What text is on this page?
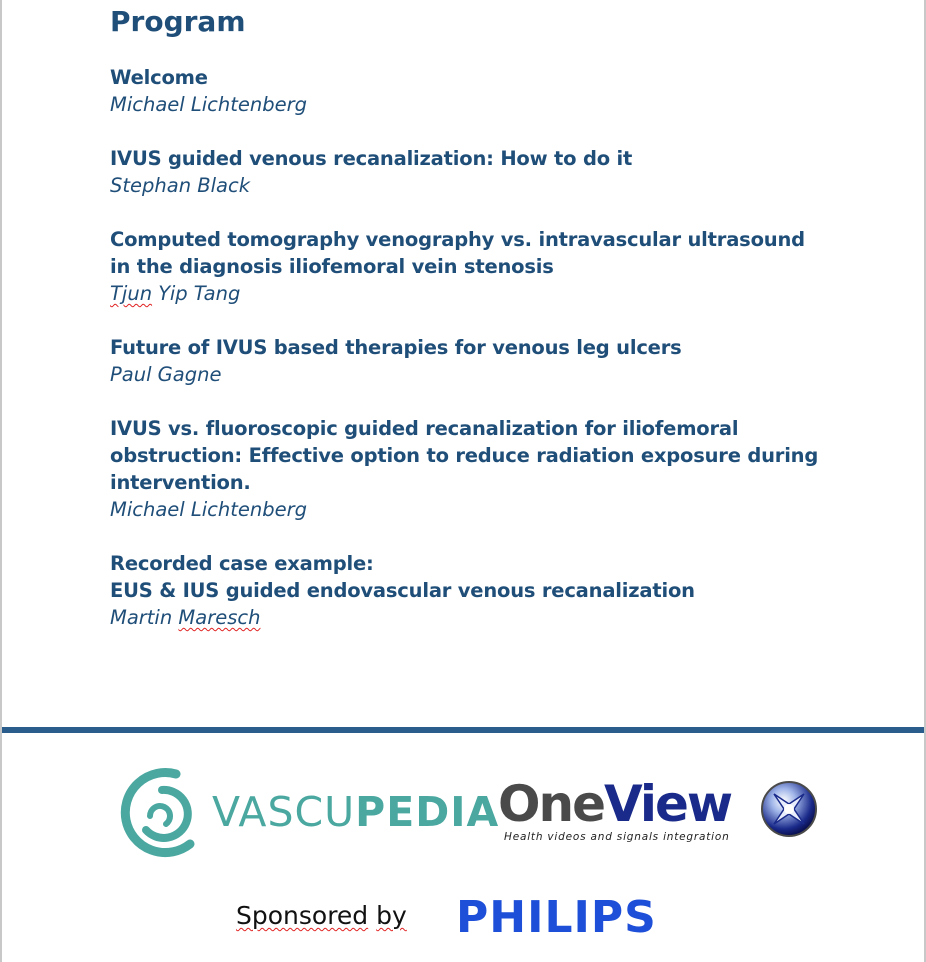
Program
Welcome
Michael Lichtenberg
IVUS guided venous recanalization: How to do it
Stephan Black
Computed tomography venography vs. intravascular ultrasound
in the diagnosis iliofemoral vein stenosis
Tjun Yip Tang
Future of IVUS based therapies for venous leg ulcers
Paul Gagne
IVUS vs. fluoroscopic guided recanalization for iliofemoral
obstruction: Effective option to reduce radiation exposure during
intervention.
Michael Lichtenberg
Recorded case example:
EUS & IUS guided endovascular venous recanalization
Martin Maresch
VASCUPEDIA
OneView
Health videos and signals integration
Sponsored by PHILIPS
